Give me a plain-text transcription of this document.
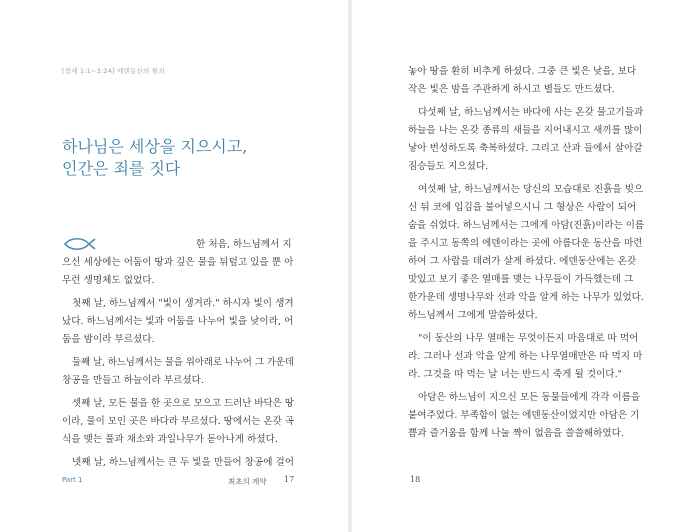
[창세 1:1~3:24] 에덴동산의 원죄
하나님은 세상을 지으시고,
인간은 죄를 짓다
한 처음, 하느님께서 지
으신 세상에는 어둠이 땅과 깊은 물을 뒤덮고 있을 뿐 아
무런 생명체도 없었다.
첫째 날, 하느님께서 "빛이 생겨라." 하시자 빛이 생겨
났다. 하느님께서는 빛과 어둠을 나누어 빛을 낮이라, 어
둠을 밤이라 부르셨다.
둘째 날, 하느님께서는 물을 위아래로 나누어 그 가운데
창공을 만들고 하늘이라 부르셨다.
셋째 날, 모든 물을 한 곳으로 모으고 드러난 바닥은 땅
이라, 물이 모인 곳은 바다라 부르셨다. 땅에서는 온갖 곡
식을 맺는 풀과 채소와 과일나무가 돋아나게 하셨다.
넷째 날, 하느님께서는 큰 두 빛을 만들어 창공에 걸어
Part 1	최초의 계약 17
놓아 땅을 환히 비추게 하셨다. 그중 큰 빛은 낮을, 보다
작은 빛은 밤을 주관하게 하시고 별들도 만드셨다.
다섯째 날, 하느님께서는 바다에 사는 온갖 물고기들과
하늘을 나는 온갖 종류의 새들을 지어내시고 새끼를 많이
낳아 번성하도록 축복하셨다. 그리고 산과 들에서 살아갈
짐승들도 지으셨다.
여섯째 날, 하느님께서는 당신의 모습대로 진흙을 빚으
신 뒤 코에 입김을 불어넣으시니 그 형상은 사람이 되어
숨을 쉬었다. 하느님께서는 그에게 아담(진흙)이라는 이름
을 주시고 동쪽의 에덴이라는 곳에 아름다운 동산을 마련
하여 그 사람을 데려가 살게 하셨다. 에덴동산에는 온갖
맛있고 보기 좋은 열매를 맺는 나무들이 가득했는데 그
한가운데 생명나무와 선과 악을 알게 하는 나무가 있었다.
하느님께서 그에게 말씀하셨다.
"이 동산의 나무 열매는 무엇이든지 마음대로 따 먹어
라. 그러나 선과 악을 알게 하는 나무열매만은 따 먹지 마
라. 그것을 따 먹는 날 너는 반드시 죽게 될 것이다."
아담은 하느님이 지으신 모든 동물들에게 각각 이름을
붙여주었다. 부족함이 없는 에덴동산이었지만 아담은 기
쁨과 즐거움을 함께 나눌 짝이 없음을 쓸쓸해하였다.
18
